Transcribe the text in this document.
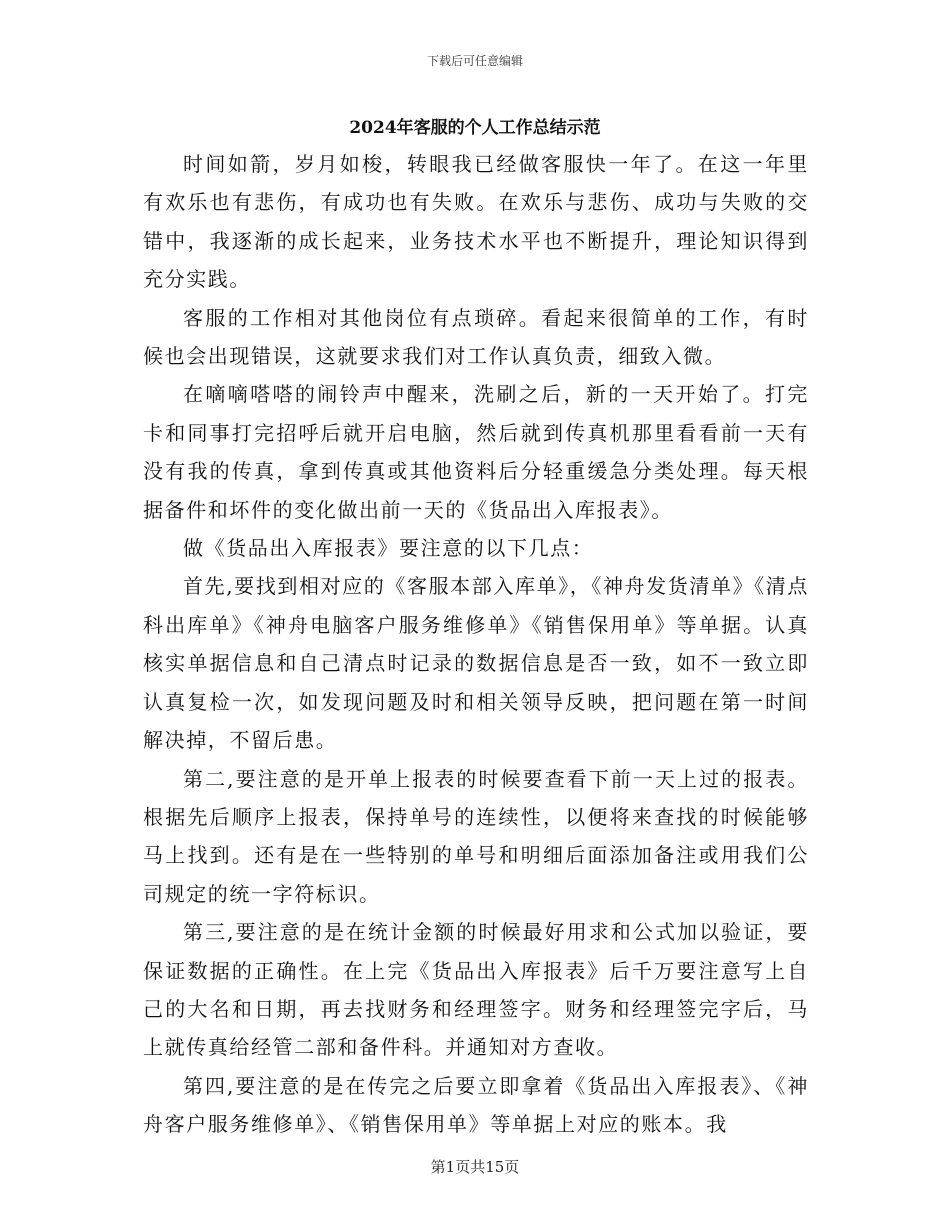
下载后可任意编辑
2024年客服的个人工作总结示范

时间如箭，岁月如梭，转眼我已经做客服快一年了。在这一年里有欢乐也有悲伤，有成功也有失败。在欢乐与悲伤、成功与失败的交错中，我逐渐的成长起来，业务技术水平也不断提升，理论知识得到充分实践。

客服的工作相对其他岗位有点琐碎。看起来很简单的工作，有时候也会出现错误，这就要求我们对工作认真负责，细致入微。

在嘀嘀嗒嗒的闹铃声中醒来，洗刷之后，新的一天开始了。打完卡和同事打完招呼后就开启电脑，然后就到传真机那里看看前一天有没有我的传真，拿到传真或其他资料后分轻重缓急分类处理。每天根据备件和坏件的变化做出前一天的《货品出入库报表》。

做《货品出入库报表》要注意的以下几点：

首先,要找到相对应的《客服本部入库单》，《神舟发货清单》《清点科出库单》《神舟电脑客户服务维修单》《销售保用单》等单据。认真核实单据信息和自己清点时记录的数据信息是否一致，如不一致立即认真复检一次，如发现问题及时和相关领导反映，把问题在第一时间解决掉，不留后患。

第二,要注意的是开单上报表的时候要查看下前一天上过的报表。根据先后顺序上报表，保持单号的连续性，以便将来查找的时候能够马上找到。还有是在一些特别的单号和明细后面添加备注或用我们公司规定的统一字符标识。

第三,要注意的是在统计金额的时候最好用求和公式加以验证，要保证数据的正确性。在上完《货品出入库报表》后千万要注意写上自己的大名和日期，再去找财务和经理签字。财务和经理签完字后，马上就传真给经管二部和备件科。并通知对方查收。

第四,要注意的是在传完之后要立即拿着《货品出入库报表》、《神舟客户服务维修单》、《销售保用单》等单据上对应的账本。我

第1页共15页
